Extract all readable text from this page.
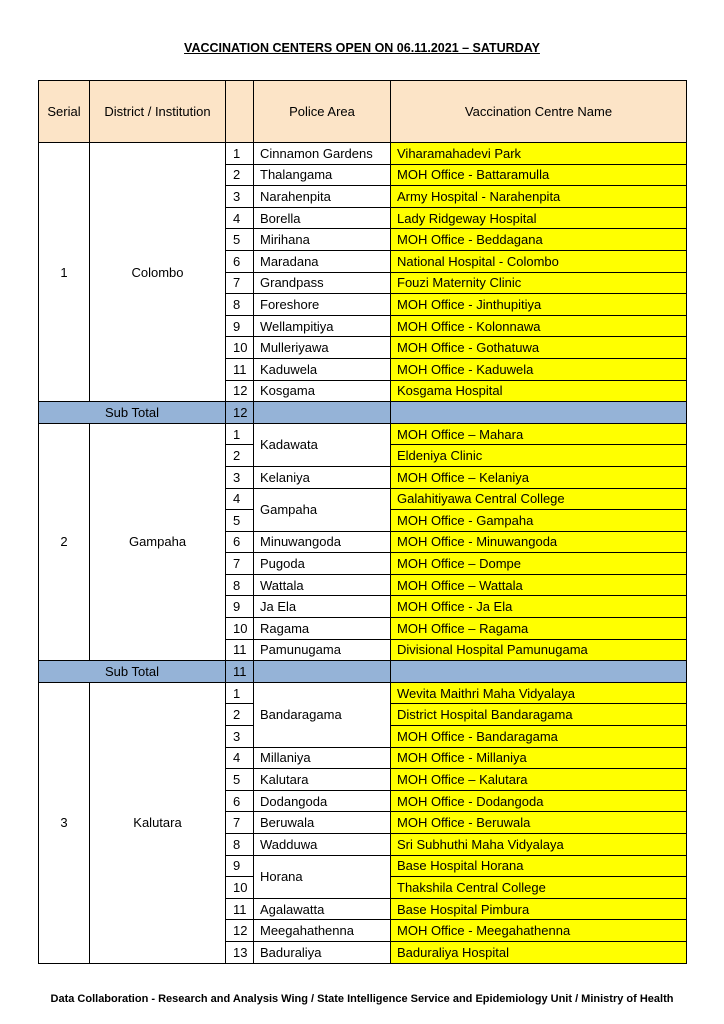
VACCINATION CENTERS OPEN ON 06.11.2021 – SATURDAY
Serial	District / Institution		Police Area	Vaccination Centre Name
1	Colombo	1	Cinnamon Gardens	Viharamahadevi Park
		2	Thalangama	MOH Office - Battaramulla
		3	Narahenpita	Army Hospital - Narahenpita
		4	Borella	Lady Ridgeway Hospital
		5	Mirihana	MOH Office - Beddagana
		6	Maradana	National Hospital - Colombo
		7	Grandpass	Fouzi Maternity Clinic
		8	Foreshore	MOH Office - Jinthupitiya
		9	Wellampitiya	MOH Office - Kolonnawa
		10	Mulleriyawa	MOH Office - Gothatuwa
		11	Kaduwela	MOH Office - Kaduwela
		12	Kosgama	Kosgama Hospital
Sub Total		12		
2	Gampaha	1	Kadawata	MOH Office – Mahara
		2		Eldeniya Clinic
		3	Kelaniya	MOH Office – Kelaniya
		4	Gampaha	Galahitiyawa Central College
		5		MOH Office - Gampaha
		6	Minuwangoda	MOH Office - Minuwangoda
		7	Pugoda	MOH Office – Dompe
		8	Wattala	MOH Office – Wattala
		9	Ja Ela	MOH Office - Ja Ela
		10	Ragama	MOH Office – Ragama
		11	Pamunugama	Divisional Hospital Pamunugama
Sub Total		11		
3	Kalutara	1	Bandaragama	Wevita Maithri Maha Vidyalaya
		2		District Hospital Bandaragama
		3		MOH Office - Bandaragama
		4	Millaniya	MOH Office - Millaniya
		5	Kalutara	MOH Office – Kalutara
		6	Dodangoda	MOH Office - Dodangoda
		7	Beruwala	MOH Office - Beruwala
		8	Wadduwa	Sri Subhuthi Maha Vidyalaya
		9	Horana	Base Hospital Horana
		10		Thakshila Central College
		11	Agalawatta	Base Hospital Pimbura
		12	Meegahathenna	MOH Office - Meegahathenna
		13	Baduraliya	Baduraliya Hospital
Data Collaboration - Research and Analysis Wing / State Intelligence Service and Epidemiology Unit / Ministry of Health
